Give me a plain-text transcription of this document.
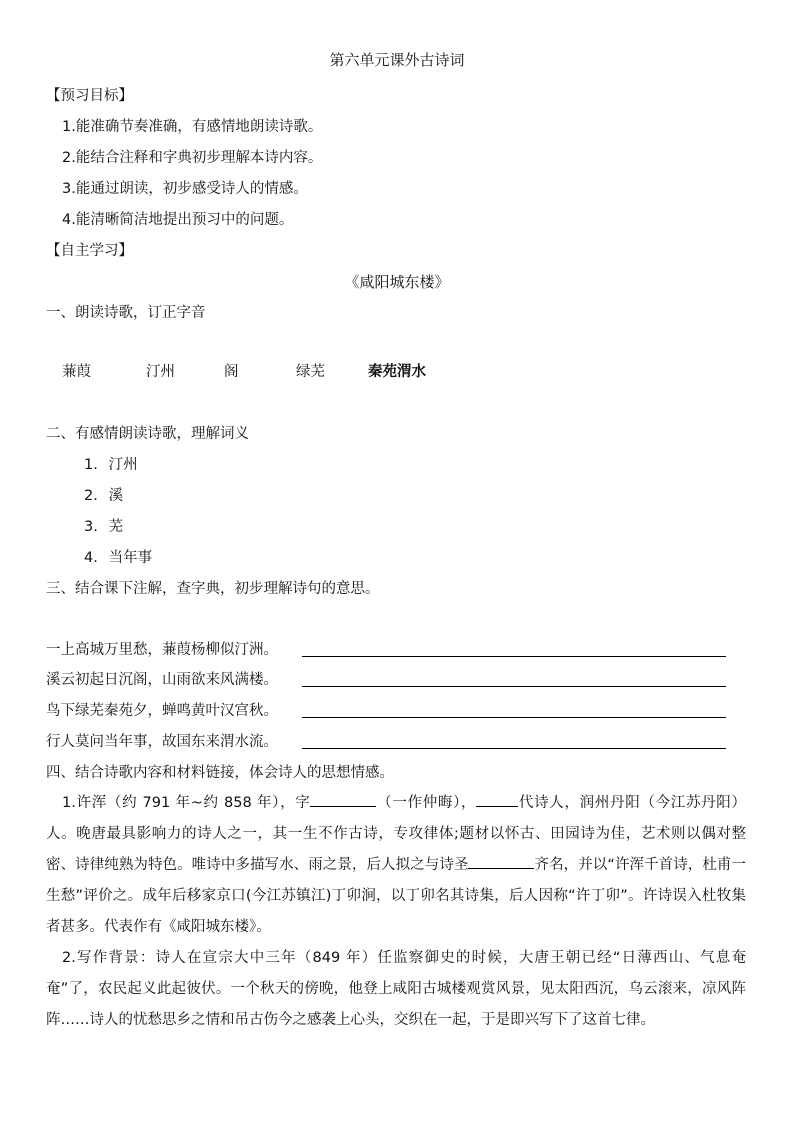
第六单元课外古诗词
【预习目标】
1.能准确节奏准确，有感情地朗读诗歌。
2.能结合注释和字典初步理解本诗内容。
3.能通过朗读，初步感受诗人的情感。
4.能清晰简洁地提出预习中的问题。
【自主学习】
《咸阳城东楼》
一、朗读诗歌，订正字音
蒹葭	汀州	阁	绿芜	秦苑渭水
二、有感情朗读诗歌，理解词义
1. 汀州
2. 溪
3. 芜
4. 当年事
三、结合课下注解，查字典，初步理解诗句的意思。
一上高城万里愁，蒹葭杨柳似汀洲。
溪云初起日沉阁，山雨欲来风满楼。
鸟下绿芜秦苑夕，蝉鸣黄叶汉宫秋。
行人莫问当年事，故国东来渭水流。
四、结合诗歌内容和材料链接，体会诗人的思想情感。
1.许浑（约 791 年~约 858 年），字	（一作仲晦），	代诗人，润州丹阳（今江苏丹阳）人。晚唐最具影响力的诗人之一，其一生不作古诗，专攻律体;题材以怀古、田园诗为佳，艺术则以偶对整密、诗律纯熟为特色。唯诗中多描写水、雨之景，后人拟之与诗圣	齐名，并以“许浑千首诗，杜甫一生愁”评价之。成年后移家京口(今江苏镇江)丁卯涧，以丁卯名其诗集，后人因称“许丁卯”。许诗误入杜牧集者甚多。代表作有《咸阳城东楼》。
2.写作背景：诗人在宣宗大中三年（849 年）任监察御史的时候，大唐王朝已经“日薄西山、气息奄奄”了，农民起义此起彼伏。一个秋天的傍晚，他登上咸阳古城楼观赏风景，见太阳西沉，乌云滚来，凉风阵阵……诗人的忧愁思乡之情和吊古伤今之感袭上心头，交织在一起，于是即兴写下了这首七律。
